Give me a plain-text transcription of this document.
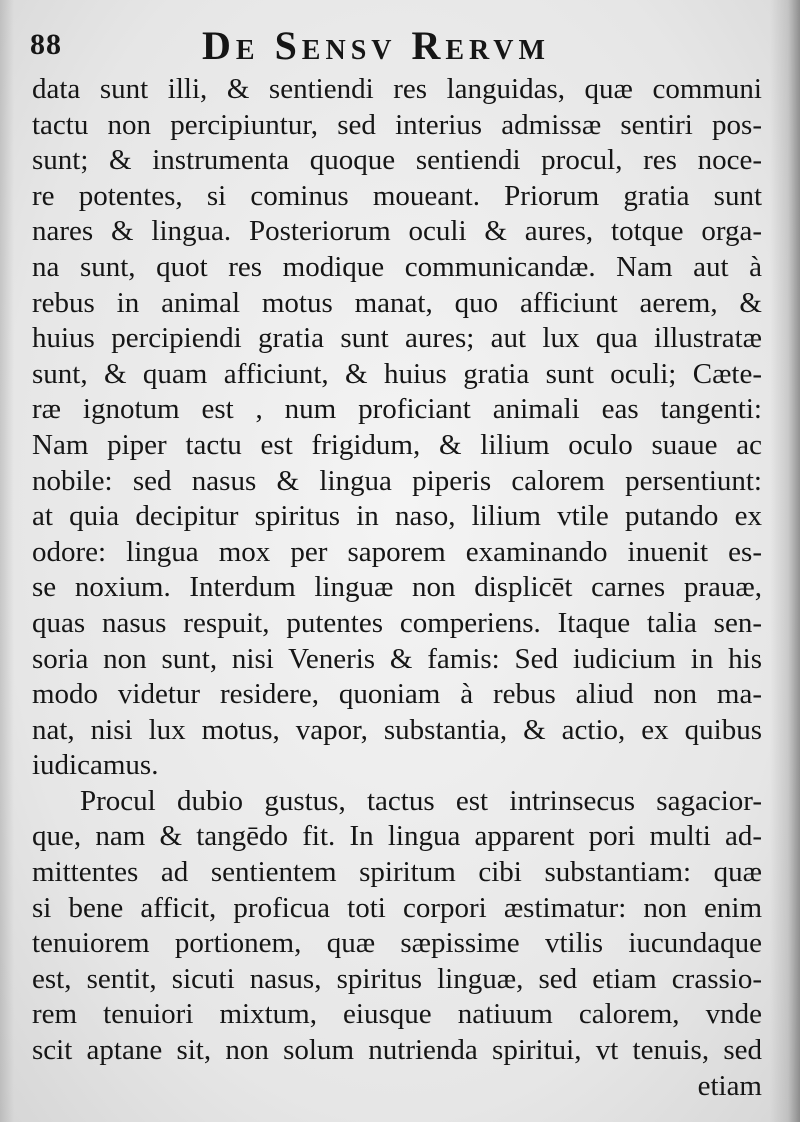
88	De Sensv Rervm
data sunt illi, & sentiendi res languidas, quæ communi
tactu non percipiuntur, sed interius admissæ sentiri pos-
sunt; & instrumenta quoque sentiendi procul, res noce-
re potentes, si cominus moueant. Priorum gratia sunt
nares & lingua. Posteriorum oculi & aures, totque orga-
na sunt, quot res modique communicandæ. Nam aut à
rebus in animal motus manat, quo afficiunt aerem, &
huius percipiendi gratia sunt aures; aut lux qua illustratæ
sunt, & quam afficiunt, & huius gratia sunt oculi; Cæte-
ræ ignotum est , num proficiant animali eas tangenti:
Nam piper tactu est frigidum, & lilium oculo suaue ac
nobile: sed nasus & lingua piperis calorem persentiunt:
at quia decipitur spiritus in naso, lilium vtile putando ex
odore: lingua mox per saporem examinando inuenit es-
se noxium. Interdum linguæ non displicēt carnes prauæ,
quas nasus respuit, putentes comperiens. Itaque talia sen-
soria non sunt, nisi Veneris & famis: Sed iudicium in his
modo videtur residere, quoniam à rebus aliud non ma-
nat, nisi lux motus, vapor, substantia, & actio, ex quibus
iudicamus.
Procul dubio gustus, tactus est intrinsecus sagacior-
que, nam & tangēdo fit. In lingua apparent pori multi ad-
mittentes ad sentientem spiritum cibi substantiam: quæ
si bene afficit, proficua toti corpori æstimatur: non enim
tenuiorem portionem, quæ sæpissime vtilis iucundaque
est, sentit, sicuti nasus, spiritus linguæ, sed etiam crassio-
rem tenuiori mixtum, eiusque natiuum calorem, vnde
scit aptane sit, non solum nutrienda spiritui, vt tenuis, sed
etiam
